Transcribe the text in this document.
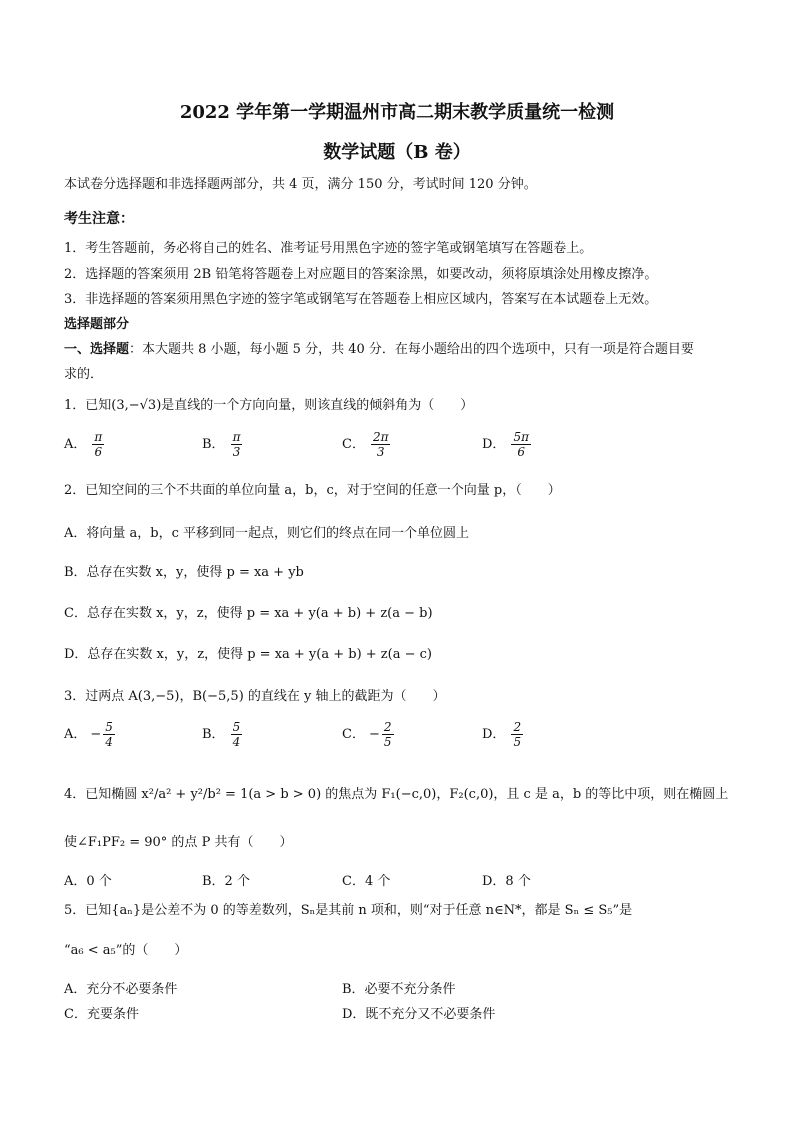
2022 学年第一学期温州市高二期末教学质量统一检测
数学试题（B 卷）
本试卷分选择题和非选择题两部分，共 4 页，满分 150 分，考试时间 120 分钟。
考生注意：
1．考生答题前，务必将自己的姓名、准考证号用黑色字迹的签字笔或钢笔填写在答题卷上。
2．选择题的答案须用 2B 铅笔将答题卷上对应题目的答案涂黑，如要改动，须将原填涂处用橡皮擦净。
3．非选择题的答案须用黑色字迹的签字笔或钢笔写在答题卷上相应区域内，答案写在本试题卷上无效。
选择题部分
一、选择题：本大题共 8 小题，每小题 5 分，共 40 分．在每小题给出的四个选项中，只有一项是符合题目要
求的．
1．已知(3,−√3)是直线的一个方向向量，则该直线的倾斜角为（　　）
A． $\frac{\pi}{6}$	B． $\frac{\pi}{3}$	C． $\frac{2\pi}{3}$	D． $\frac{5\pi}{6}$
2．已知空间的三个不共面的单位向量 a，b，c，对于空间的任意一个向量 p，（　　）
A．将向量 a，b，c 平移到同一起点，则它们的终点在同一个单位圆上
B．总存在实数 x，y，使得 p = xa + yb
C．总存在实数 x，y，z，使得 p = xa + y(a + b) + z(a − b)
D．总存在实数 x，y，z，使得 p = xa + y(a + b) + z(a − c)
3．过两点 A(3,−5)，B(−5,5) 的直线在 y 轴上的截距为（　　）
A． − $\frac{5}{4}$	B． $\frac{5}{4}$	C． − $\frac{2}{5}$	D． $\frac{2}{5}$
4．已知椭圆 x²/a² + y²/b² = 1(a > b > 0) 的焦点为 F₁(−c,0)，F₂(c,0)，且 c 是 a，b 的等比中项，则在椭圆上
使∠F₁PF₂ = 90° 的点 P 共有（　　）
A．0 个	B．2 个	C．4 个	D．8 个
5．已知{aₙ}是公差不为 0 的等差数列，Sₙ是其前 n 项和，则“对于任意 n∈N*，都是 Sₙ ≤ S₅”是
“a₆ < a₅”的（　　）
A．充分不必要条件	B．必要不充分条件
C．充要条件	D．既不充分又不必要条件
